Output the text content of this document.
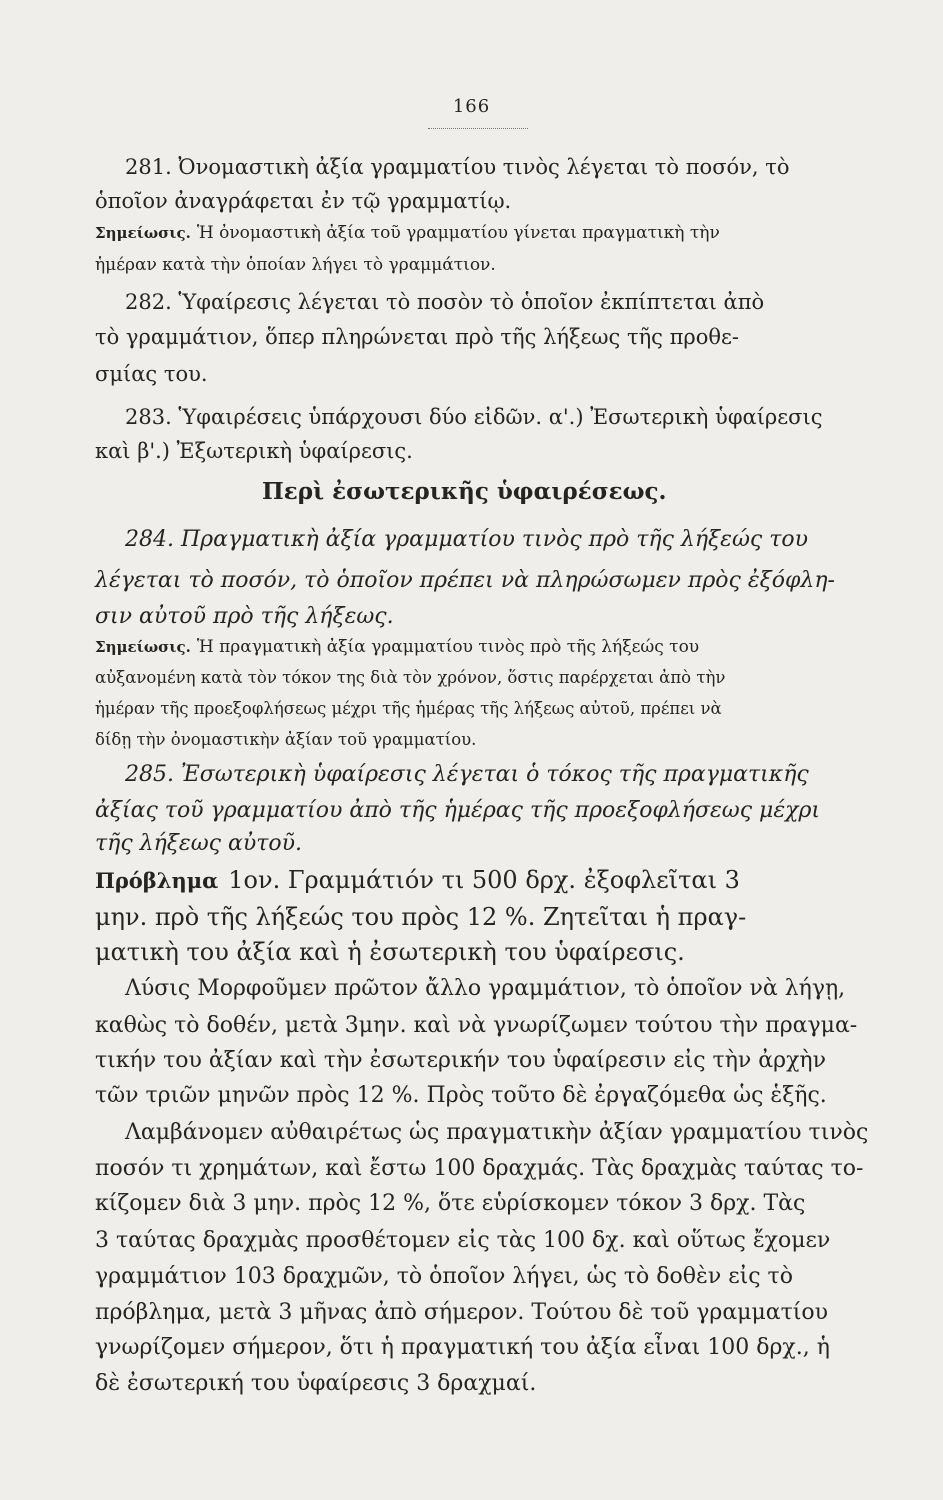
166

281. Ὀνομαστικὴ ἀξία γραμματίου τινὸς λέγεται τὸ ποσόν, τὸ

ὁποῖον ἀναγράφεται ἐν τῷ γραμματίῳ.

Σημείωσις. Ἡ ὀνομαστικὴ ἀξία τοῦ γραμματίου γίνεται πραγματικὴ τὴν

ἡμέραν κατὰ τὴν ὁποίαν λήγει τὸ γραμμάτιον.

282. Ὑφαίρεσις λέγεται τὸ ποσὸν τὸ ὁποῖον ἐκπίπτεται ἀπὸ

τὸ γραμμάτιον, ὅπερ πληρώνεται πρὸ τῆς λήξεως τῆς προθε-

σμίας του.

283. Ὑφαιρέσεις ὑπάρχουσι δύο εἰδῶν. α'.) Ἐσωτερικὴ ὑφαίρεσις

καὶ β'.) Ἐξωτερικὴ ὑφαίρεσις.

Περὶ ἐσωτερικῆς ὑφαιρέσεως.

284. Πραγματικὴ ἀξία γραμματίου τινὸς πρὸ τῆς λήξεώς του

λέγεται τὸ ποσόν, τὸ ὁποῖον πρέπει νὰ πληρώσωμεν πρὸς ἐξόφλη-

σιν αὐτοῦ πρὸ τῆς λήξεως.

Σημείωσις. Ἡ πραγματικὴ ἀξία γραμματίου τινὸς πρὸ τῆς λήξεώς του

αὐξανομένη κατὰ τὸν τόκον της διὰ τὸν χρόνον, ὅστις παρέρχεται ἀπὸ τὴν

ἡμέραν τῆς προεξοφλήσεως μέχρι τῆς ἡμέρας τῆς λήξεως αὐτοῦ, πρέπει νὰ

δίδῃ τὴν ὀνομαστικὴν ἀξίαν τοῦ γραμματίου.

285. Ἐσωτερικὴ ὑφαίρεσις λέγεται ὁ τόκος τῆς πραγματικῆς

ἀξίας τοῦ γραμματίου ἀπὸ τῆς ἡμέρας τῆς προεξοφλήσεως μέχρι

τῆς λήξεως αὐτοῦ.

Πρόβλημα 1ον. Γραμμάτιόν τι 500 δρχ. ἐξοφλεῖται 3

μην. πρὸ τῆς λήξεώς του πρὸς 12 %. Ζητεῖται ἡ πραγ-

ματικὴ του ἀξία καὶ ἡ ἐσωτερικὴ του ὑφαίρεσις.

Λύσις Μορφοῦμεν πρῶτον ἄλλο γραμμάτιον, τὸ ὁποῖον νὰ λήγῃ,

καθὼς τὸ δοθέν, μετὰ 3μην. καὶ νὰ γνωρίζωμεν τούτου τὴν πραγμα-

τικήν του ἀξίαν καὶ τὴν ἐσωτερικήν του ὑφαίρεσιν εἰς τὴν ἀρχὴν

τῶν τριῶν μηνῶν πρὸς 12 %. Πρὸς τοῦτο δὲ ἐργαζόμεθα ὡς ἑξῆς.

Λαμβάνομεν αὐθαιρέτως ὡς πραγματικὴν ἀξίαν γραμματίου τινὸς

ποσόν τι χρημάτων, καὶ ἔστω 100 δραχμάς. Τὰς δραχμὰς ταύτας το-

κίζομεν διὰ 3 μην. πρὸς 12 %, ὅτε εὑρίσκομεν τόκον 3 δρχ. Τὰς

3 ταύτας δραχμὰς προσθέτομεν εἰς τὰς 100 δχ. καὶ οὕτως ἔχομεν

γραμμάτιον 103 δραχμῶν, τὸ ὁποῖον λήγει, ὡς τὸ δοθὲν εἰς τὸ

πρόβλημα, μετὰ 3 μῆνας ἀπὸ σήμερον. Τούτου δὲ τοῦ γραμματίου

γνωρίζομεν σήμερον, ὅτι ἡ πραγματική του ἀξία εἶναι 100 δρχ., ἡ

δὲ ἐσωτερική του ὑφαίρεσις 3 δραχμαί.
